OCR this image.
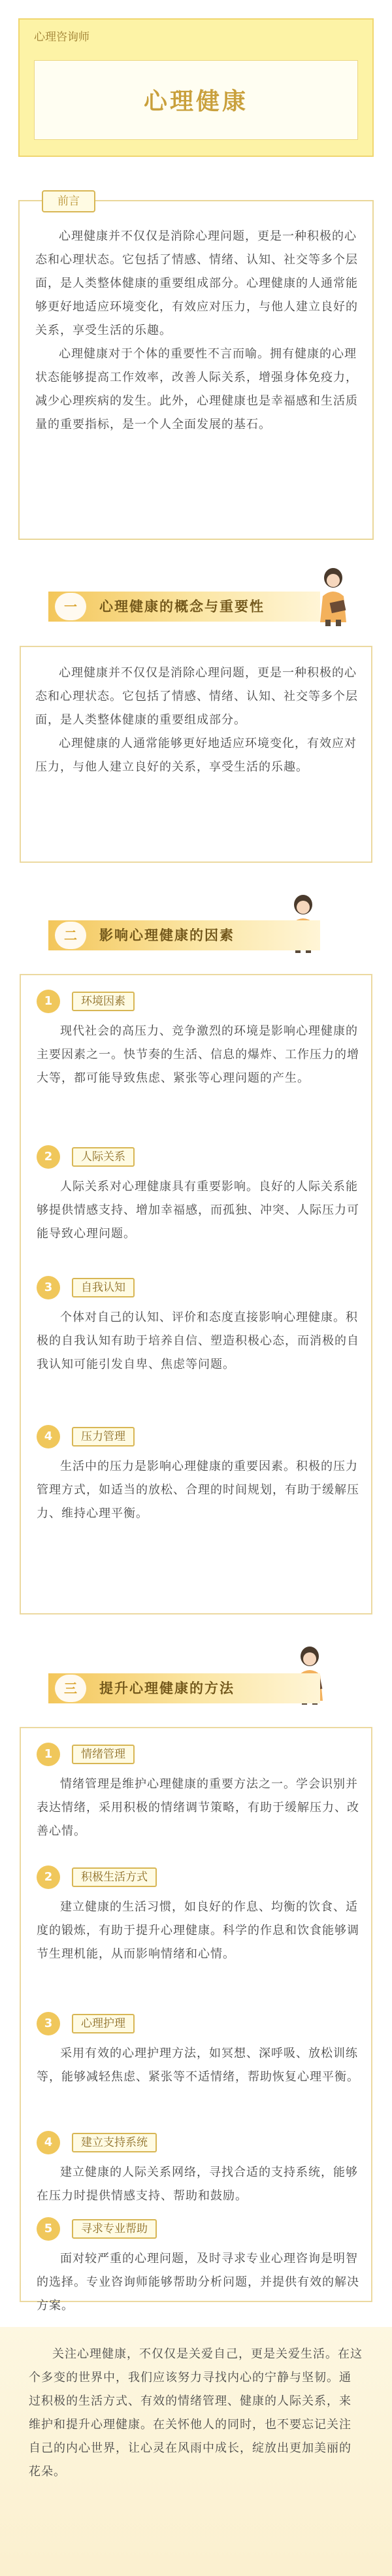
心理咨询师
心理健康
前言

心理健康并不仅仅是消除心理问题，更是一种积极的心态和心理状态。它包括了情感、情绪、认知、社交等多个层面，是人类整体健康的重要组成部分。心理健康的人通常能够更好地适应环境变化，有效应对压力，与他人建立良好的关系，享受生活的乐趣。

心理健康对于个体的重要性不言而喻。拥有健康的心理状态能够提高工作效率，改善人际关系，增强身体免疫力，减少心理疾病的发生。此外，心理健康也是幸福感和生活质量的重要指标，是一个人全面发展的基石。

一	心理健康的概念与重要性

心理健康并不仅仅是消除心理问题，更是一种积极的心态和心理状态。它包括了情感、情绪、认知、社交等多个层面，是人类整体健康的重要组成部分。

心理健康的人通常能够更好地适应环境变化，有效应对压力，与他人建立良好的关系，享受生活的乐趣。

二	影响心理健康的因素
1	环境因素

现代社会的高压力、竞争激烈的环境是影响心理健康的主要因素之一。快节奏的生活、信息的爆炸、工作压力的增大等，都可能导致焦虑、紧张等心理问题的产生。

2	人际关系

人际关系对心理健康具有重要影响。良好的人际关系能够提供情感支持、增加幸福感，而孤独、冲突、人际压力可能导致心理问题。

3	自我认知

个体对自己的认知、评价和态度直接影响心理健康。积极的自我认知有助于培养自信、塑造积极心态，而消极的自我认知可能引发自卑、焦虑等问题。

4	压力管理

生活中的压力是影响心理健康的重要因素。积极的压力管理方式，如适当的放松、合理的时间规划，有助于缓解压力、维持心理平衡。

三	提升心理健康的方法
1	情绪管理

情绪管理是维护心理健康的重要方法之一。学会识别并表达情绪，采用积极的情绪调节策略，有助于缓解压力、改善心情。

2	积极生活方式

建立健康的生活习惯，如良好的作息、均衡的饮食、适度的锻炼，有助于提升心理健康。科学的作息和饮食能够调节生理机能，从而影响情绪和心情。

3	心理护理

采用有效的心理护理方法，如冥想、深呼吸、放松训练等，能够减轻焦虑、紧张等不适情绪，帮助恢复心理平衡。

4	建立支持系统

建立健康的人际关系网络，寻找合适的支持系统，能够在压力时提供情感支持、帮助和鼓励。

5	寻求专业帮助

面对较严重的心理问题，及时寻求专业心理咨询是明智的选择。专业咨询师能够帮助分析问题，并提供有效的解决方案。

关注心理健康，不仅仅是关爱自己，更是关爱生活。在这个多变的世界中，我们应该努力寻找内心的宁静与坚韧。通过积极的生活方式、有效的情绪管理、健康的人际关系，来维护和提升心理健康。在关怀他人的同时，也不要忘记关注自己的内心世界，让心灵在风雨中成长，绽放出更加美丽的花朵。
